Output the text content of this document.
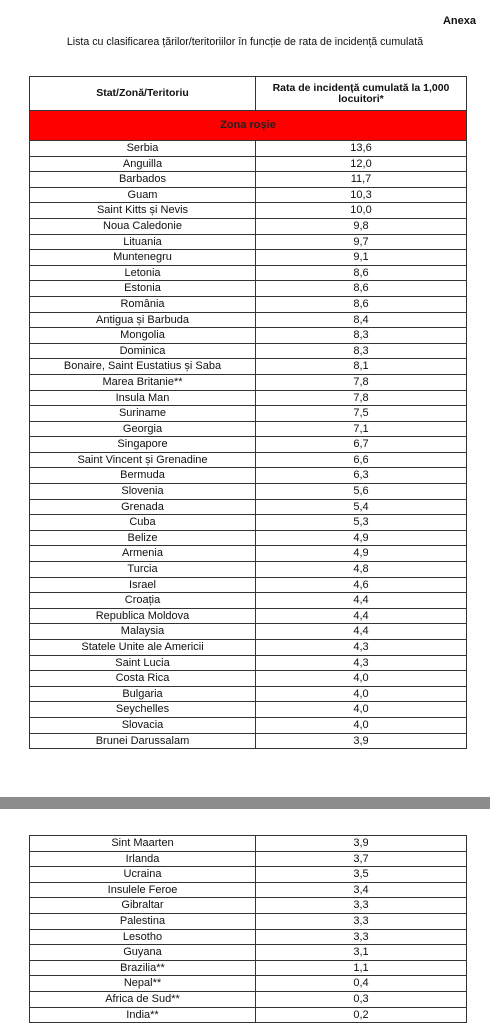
Anexa
Lista cu clasificarea țărilor/teritoriilor în funcție de rata de incidență cumulată
Stat/Zonă/Teritoriu	Rata de incidență cumulată la 1,000 locuitori*
Zona roșie	
Serbia	13,6
Anguilla	12,0
Barbados	11,7
Guam	10,3
Saint Kitts și Nevis	10,0
Noua Caledonie	9,8
Lituania	9,7
Muntenegru	9,1
Letonia	8,6
Estonia	8,6
România	8,6
Antigua și Barbuda	8,4
Mongolia	8,3
Dominica	8,3
Bonaire, Saint Eustatius și Saba	8,1
Marea Britanie**	7,8
Insula Man	7,8
Suriname	7,5
Georgia	7,1
Singapore	6,7
Saint Vincent și Grenadine	6,6
Bermuda	6,3
Slovenia	5,6
Grenada	5,4
Cuba	5,3
Belize	4,9
Armenia	4,9
Turcia	4,8
Israel	4,6
Croația	4,4
Republica Moldova	4,4
Malaysia	4,4
Statele Unite ale Americii	4,3
Saint Lucia	4,3
Costa Rica	4,0
Bulgaria	4,0
Seychelles	4,0
Slovacia	4,0
Brunei Darussalam	3,9
Sint Maarten	3,9
Irlanda	3,7
Ucraina	3,5
Insulele Feroe	3,4
Gibraltar	3,3
Palestina	3,3
Lesotho	3,3
Guyana	3,1
Brazilia**	1,1
Nepal**	0,4
Africa de Sud**	0,3
India**	0,2
